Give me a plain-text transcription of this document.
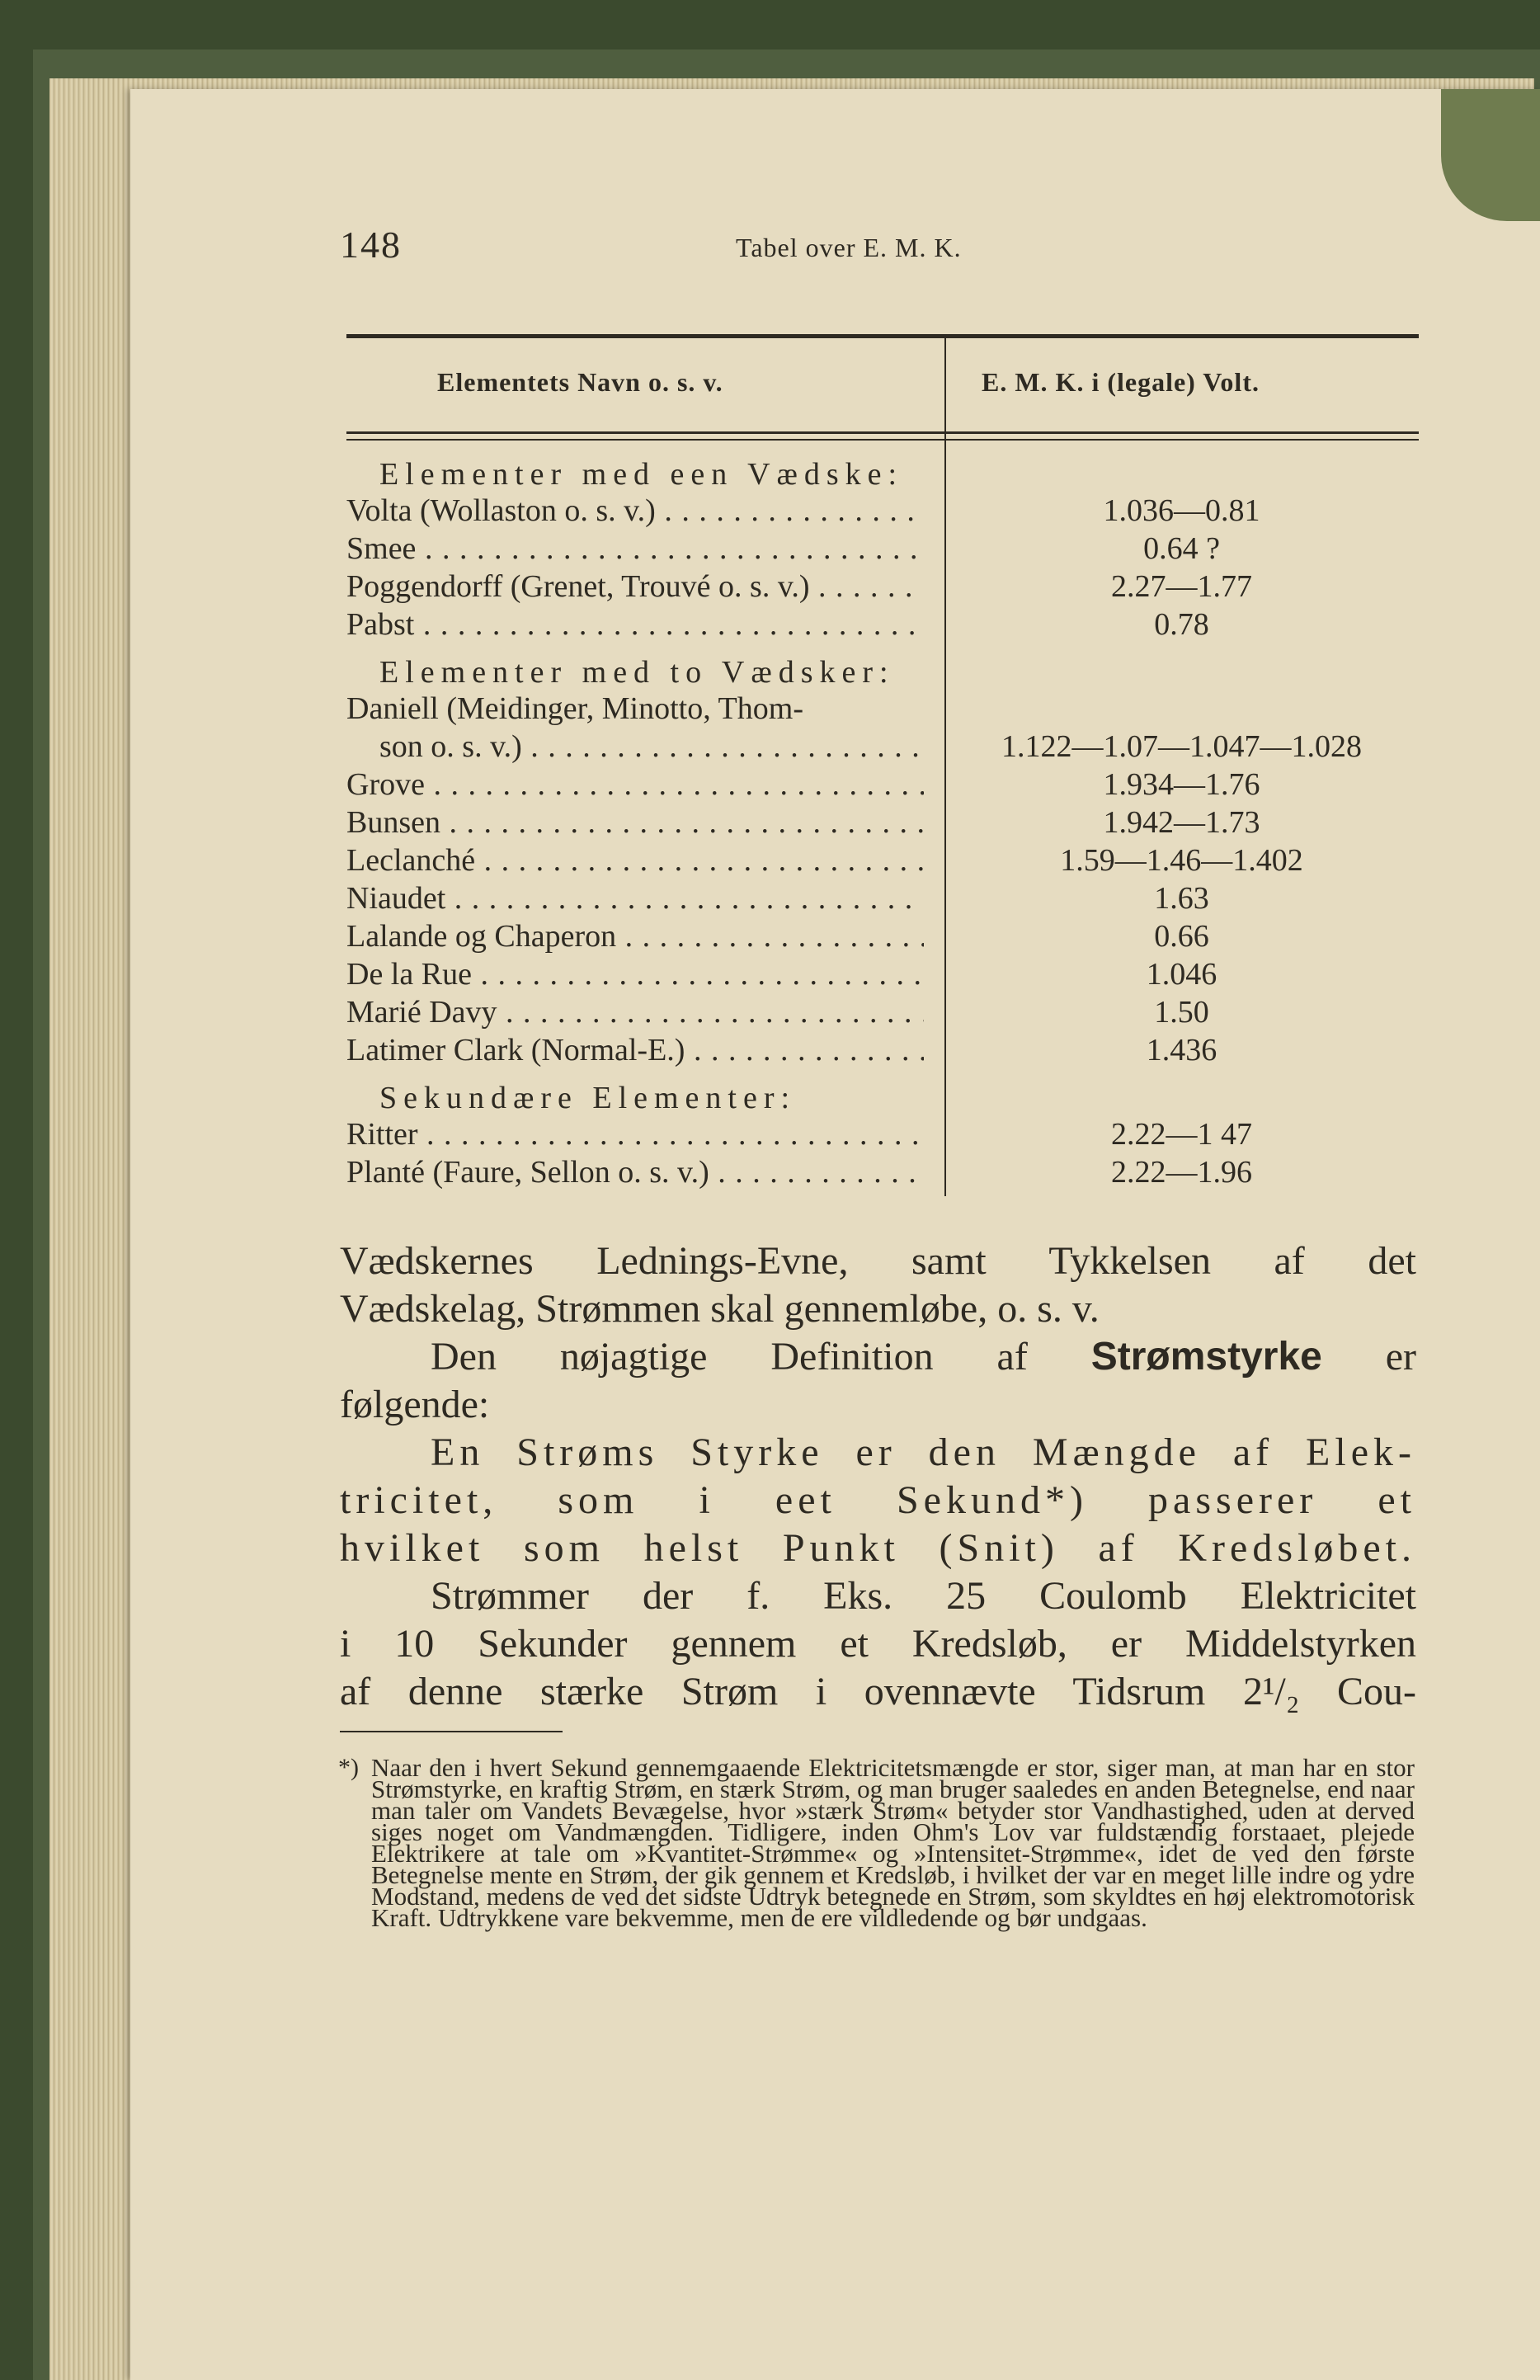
148	Tabel over E. M. K.
Elementets Navn o. s. v.	E. M. K. i (legale) Volt.
Elementer med een Vædske:
Volta (Wollaston o. s. v.) . . .	1.036—0.81
Smee . . .	0.64 ?
Poggendorff (Grenet, Trouvé o. s. v.) . . .	2.27—1.77
Pabst . . .	0.78
Elementer med to Vædsker:
Daniell (Meidinger, Minotto, Thom-
son o. s. v.) . . .	1.122—1.07—1.047—1.028
Grove . . .	1.934—1.76
Bunsen . . .	1.942—1.73
Leclanché . . .	1.59—1.46—1.402
Niaudet . . .	1.63
Lalande og Chaperon . . .	0.66
De la Rue . . .	1.046
Marié Davy . . .	1.50
Latimer Clark (Normal-E.) . . .	1.436
Sekundære Elementer:
Ritter . . .	2.22—1 47
Planté (Faure, Sellon o. s. v.) . . .	2.22—1.96
Vædskernes Lednings-Evne, samt Tykkelsen af det
Vædskelag, Strømmen skal gennemløbe, o. s. v.
Den nøjagtige Definition af Strømstyrke er
følgende:
En Strøms Styrke er den Mængde af Elek-
tricitet, som i eet Sekund*) passerer et
hvilket som helst Punkt (Snit) af Kredsløbet.
Strømmer der f. Eks. 25 Coulomb Elektricitet
i 10 Sekunder gennem et Kredsløb, er Middelstyrken
af denne stærke Strøm i ovennævte Tidsrum 2¹/₂ Cou-
*) Naar den i hvert Sekund gennemgaaende Elektricitetsmængde er stor, siger man, at man har en stor Strømstyrke, en kraftig Strøm, en stærk Strøm, og man bruger saaledes en anden Betegnelse, end naar man taler om Vandets Bevægelse, hvor »stærk Strøm« betyder stor Vandhastighed, uden at derved siges noget om Vandmængden. Tidligere, inden Ohm's Lov var fuldstændig forstaaet, plejede Elektrikere at tale om »Kvantitet-Strømme« og »Intensitet-Strømme«, idet de ved den første Betegnelse mente en Strøm, der gik gennem et Kredsløb, i hvilket der var en meget lille indre og ydre Modstand, medens de ved det sidste Udtryk betegnede en Strøm, som skyldtes en høj elektromotorisk Kraft. Udtrykkene vare bekvemme, men de ere vildledende og bør undgaas.
